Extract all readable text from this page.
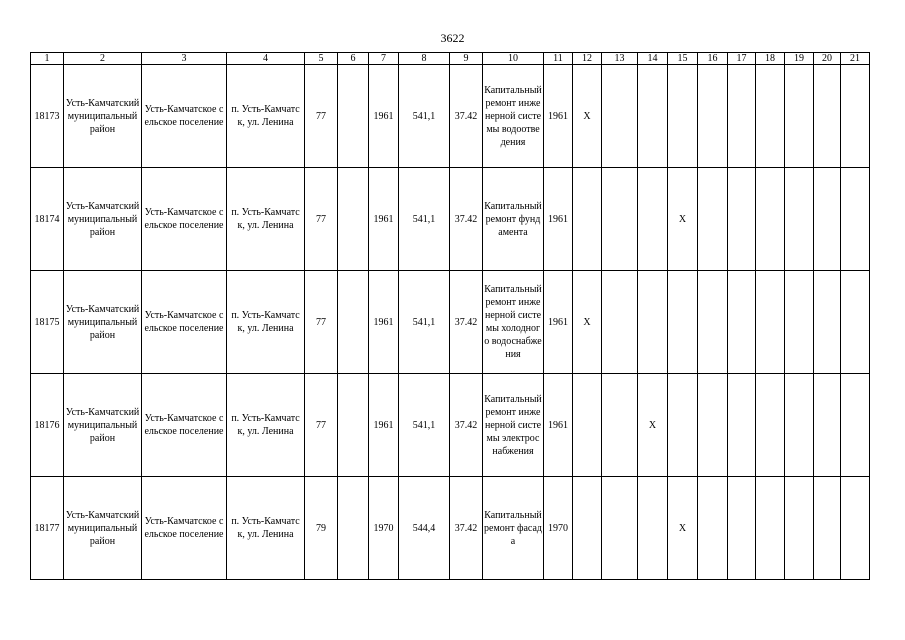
3622
1	2	3	4	5	6	7	8	9	10	11	12	13	14	15	16	17	18	19	20	21
18173	Усть-Камчатский муниципальный район	Усть-Камчатское сельское поселение	п. Усть-Камчатск, ул. Ленина	77		1961	541,1	37.42	Капитальный ремонт инженерной системы водоотведения	1961	X									
18174	Усть-Камчатский муниципальный район	Усть-Камчатское сельское поселение	п. Усть-Камчатск, ул. Ленина	77		1961	541,1	37.42	Капитальный ремонт фундамента	1961				X						
18175	Усть-Камчатский муниципальный район	Усть-Камчатское сельское поселение	п. Усть-Камчатск, ул. Ленина	77		1961	541,1	37.42	Капитальный ремонт инженерной системы холодного водоснабжения	1961	X									
18176	Усть-Камчатский муниципальный район	Усть-Камчатское сельское поселение	п. Усть-Камчатск, ул. Ленина	77		1961	541,1	37.42	Капитальный ремонт инженерной системы электроснабжения	1961			X							
18177	Усть-Камчатский муниципальный район	Усть-Камчатское сельское поселение	п. Усть-Камчатск, ул. Ленина	79		1970	544,4	37.42	Капитальный ремонт фасада	1970				X						
